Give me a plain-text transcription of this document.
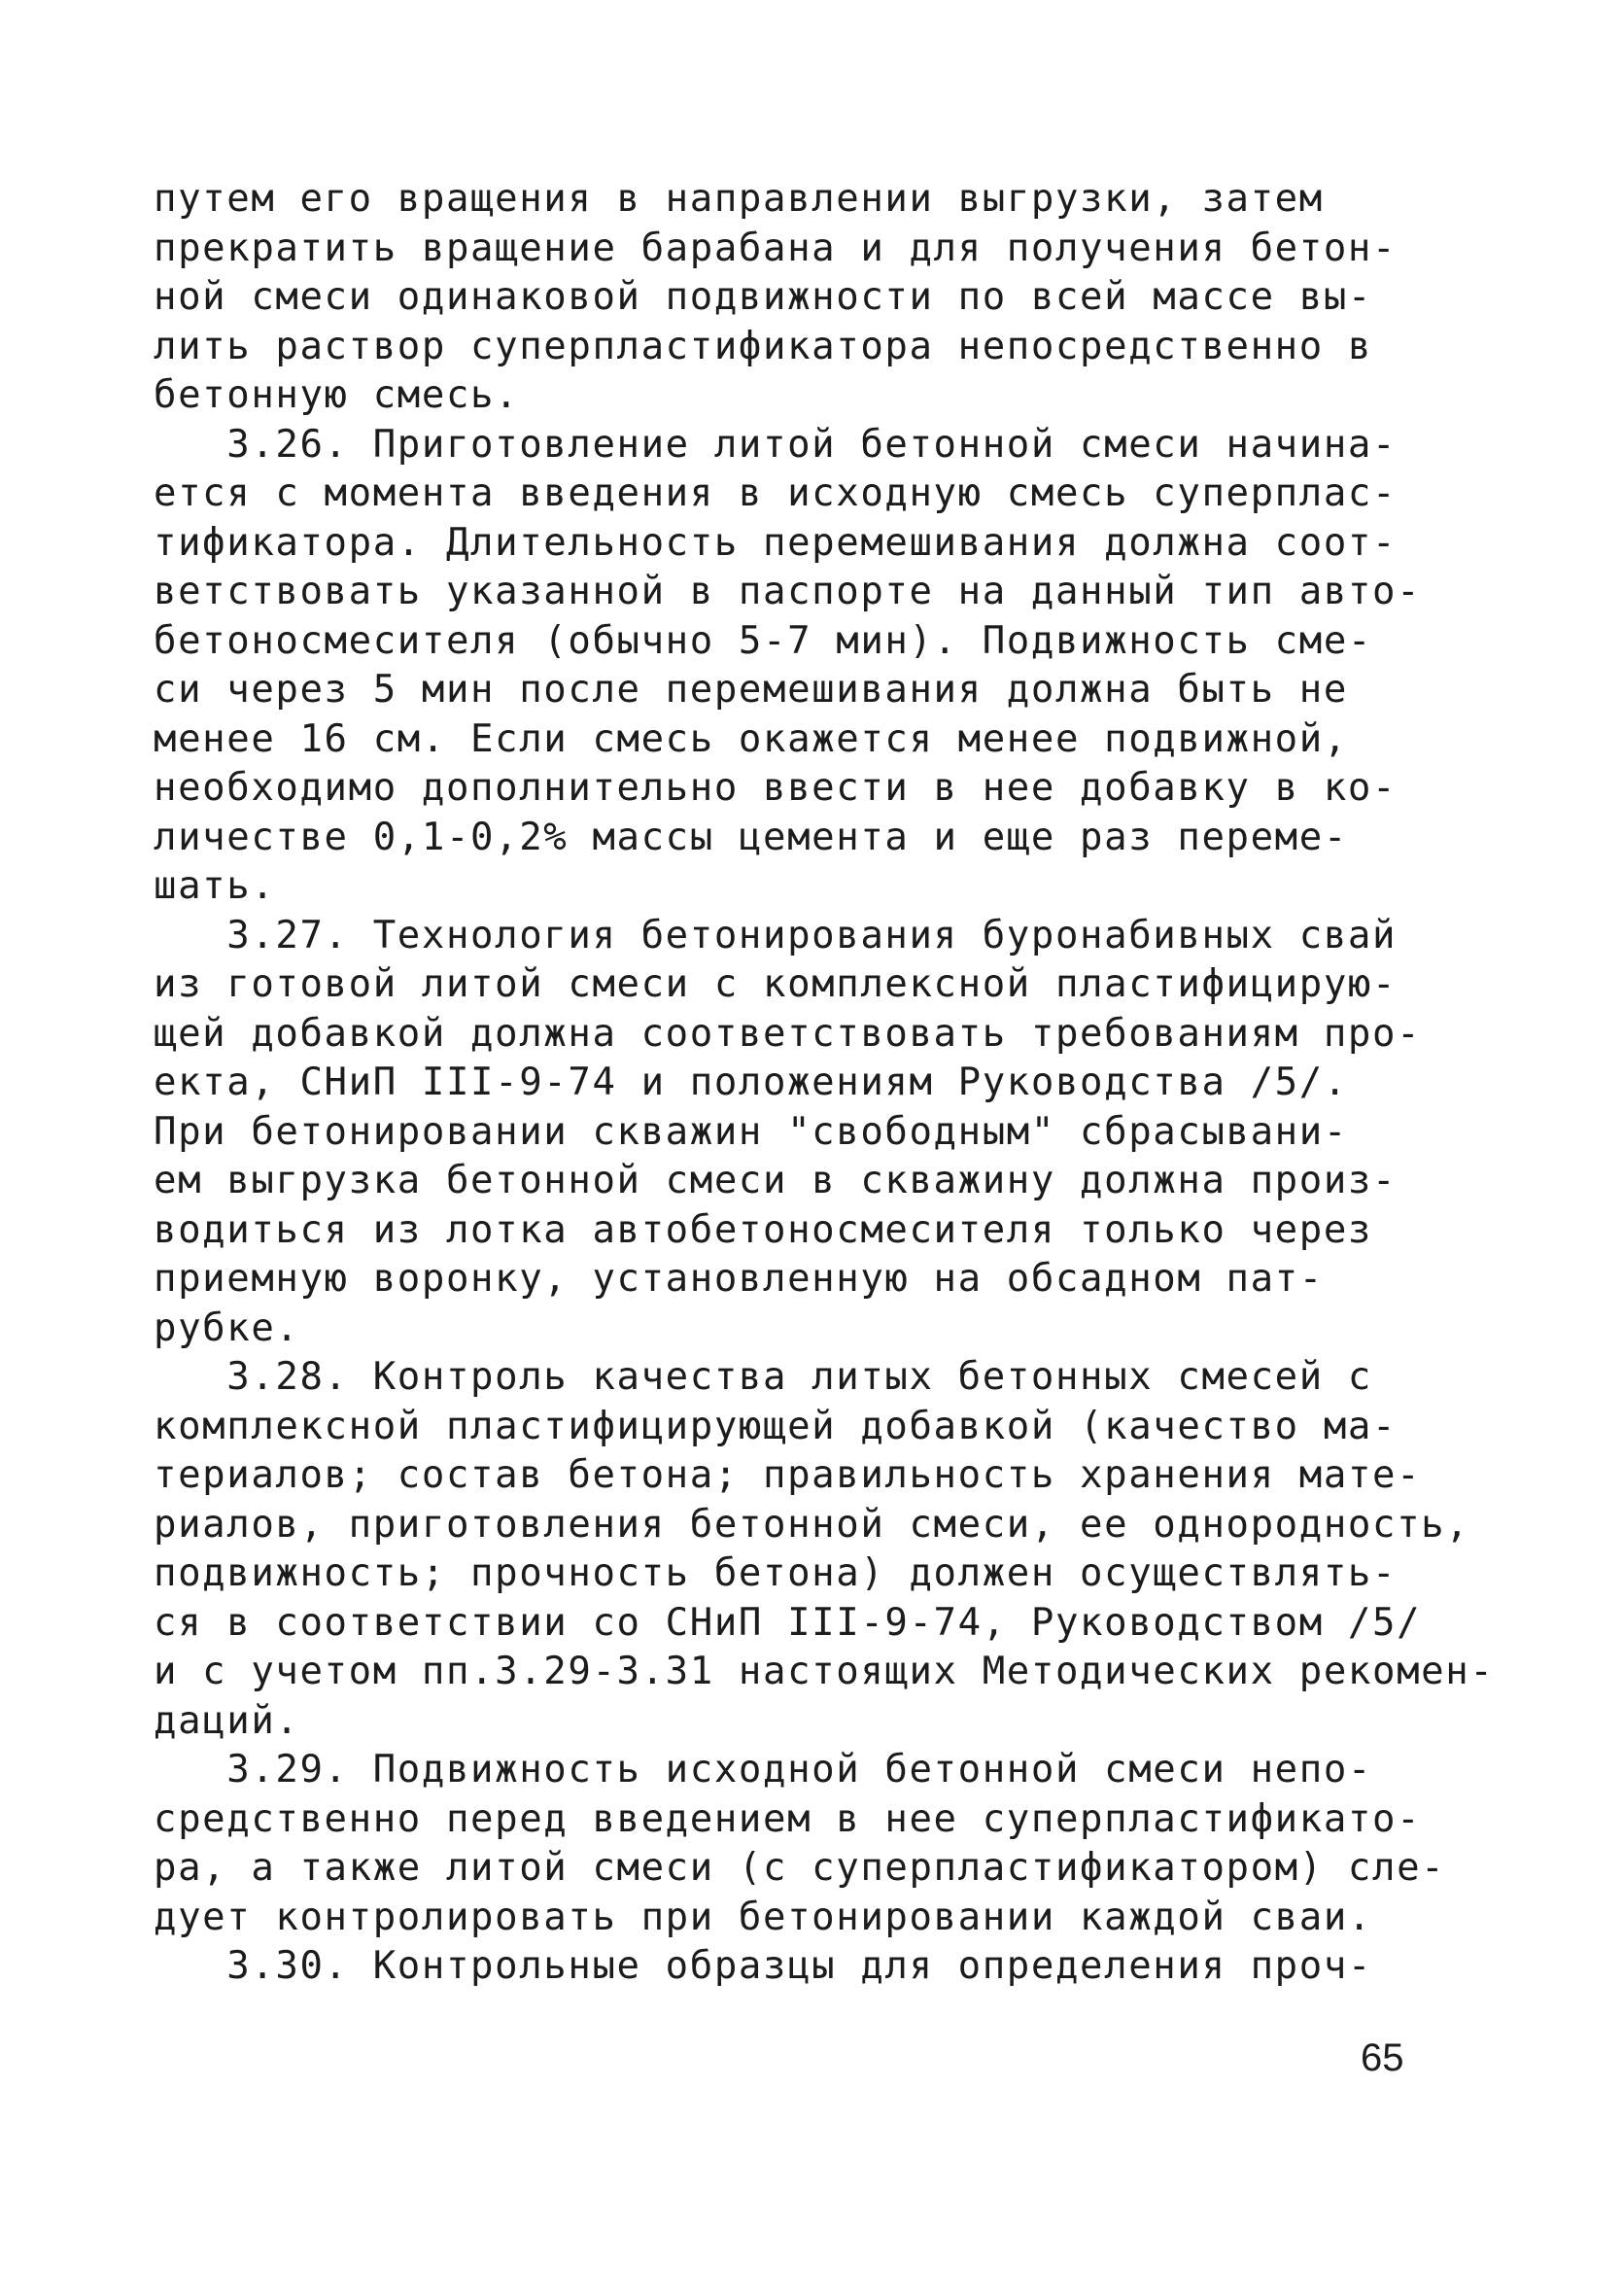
путем его вращения в направлении выгрузки, затем
прекратить вращение барабана и для получения бетон-
ной смеси одинаковой подвижности по всей массе вы-
лить раствор суперпластификатора непосредственно в
бетонную смесь.
3.26. Приготовление литой бетонной смеси начина-
ется с момента введения в исходную смесь суперплас-
тификатора. Длительность перемешивания должна соот-
ветствовать указанной в паспорте на данный тип авто-
бетоносмесителя (обычно 5-7 мин). Подвижность сме-
си через 5 мин после перемешивания должна быть не
менее 16 см. Если смесь окажется менее подвижной,
необходимо дополнительно ввести в нее добавку в ко-
личестве 0,1-0,2% массы цемента и еще раз переме-
шать.
3.27. Технология бетонирования буронабивных свай
из готовой литой смеси с комплексной пластифицирую-
щей добавкой должна соответствовать требованиям про-
екта, СНиП III-9-74 и положениям Руководства /5/.
При бетонировании скважин "свободным" сбрасывани-
ем выгрузка бетонной смеси в скважину должна произ-
водиться из лотка автобетоносмесителя только через
приемную воронку, установленную на обсадном пат-
рубке.
3.28. Контроль качества литых бетонных смесей с
комплексной пластифицирующей добавкой (качество ма-
териалов; состав бетона; правильность хранения мате-
риалов, приготовления бетонной смеси, ее однородность,
подвижность; прочность бетона) должен осуществлять-
ся в соответствии со СНиП III-9-74, Руководством /5/
и с учетом пп.3.29-3.31 настоящих Методических рекомен-
даций.
3.29. Подвижность исходной бетонной смеси непо-
средственно перед введением в нее суперпластификато-
ра, а также литой смеси (с суперпластификатором) сле-
дует контролировать при бетонировании каждой сваи.
3.30. Контрольные образцы для определения проч-
65
